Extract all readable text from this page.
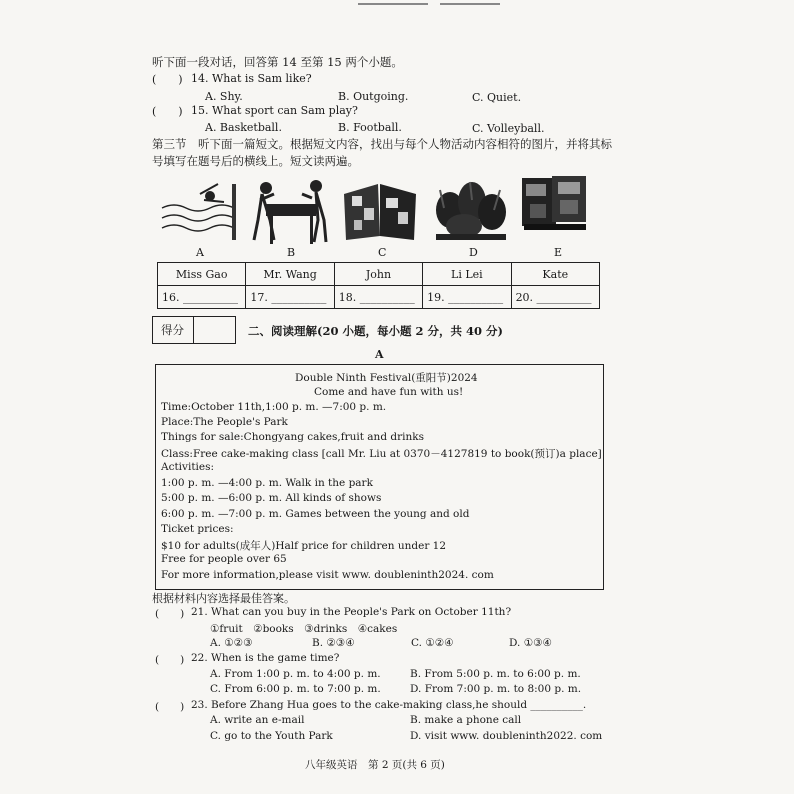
听下面一段对话，回答第 14 至第 15 两个小题。
(　　) 14. What is Sam like?
A. Shy.	B. Outgoing.	C. Quiet.
(　　) 15. What sport can Sam play?
A. Basketball.	B. Football.	C. Volleyball.
第三节　听下面一篇短文。根据短文内容，找出与每个人物活动内容相符的图片，并将其标
号填写在题号后的横线上。短文读两遍。
A	B	C	D	E
Miss Gao	Mr. Wang	John	Li Lei	Kate
16. __________	17. __________	18. __________	19. __________	20. __________
得分	二、阅读理解(20 小题，每小题 2 分，共 40 分)
A
Double Ninth Festival(重阳节)2024
Come and have fun with us!
Time:October 11th,1:00 p. m. —7:00 p. m.
Place:The People's Park
Things for sale:Chongyang cakes,fruit and drinks
Class:Free cake-making class [call Mr. Liu at 0370－4127819 to book(预订)a place]
Activities:
1:00 p. m. —4:00 p. m. Walk in the park
5:00 p. m. —6:00 p. m. All kinds of shows
6:00 p. m. —7:00 p. m. Games between the young and old
Ticket prices:
$10 for adults(成年人)Half price for children under 12
Free for people over 65
For more information,please visit www. doubleninth2024. com
根据材料内容选择最佳答案。
(　　) 21. What can you buy in the People's Park on October 11th?
①fruit　②books　③drinks　④cakes
A. ①②③	B. ②③④	C. ①②④	D. ①③④
(　　) 22. When is the game time?
A. From 1:00 p. m. to 4:00 p. m.	B. From 5:00 p. m. to 6:00 p. m.
C. From 6:00 p. m. to 7:00 p. m.	D. From 7:00 p. m. to 8:00 p. m.
(　　) 23. Before Zhang Hua goes to the cake-making class,he should __________.
A. write an e-mail	B. make a phone call
C. go to the Youth Park	D. visit www. doubleninth2022. com
八年级英语　第 2 页(共 6 页)
